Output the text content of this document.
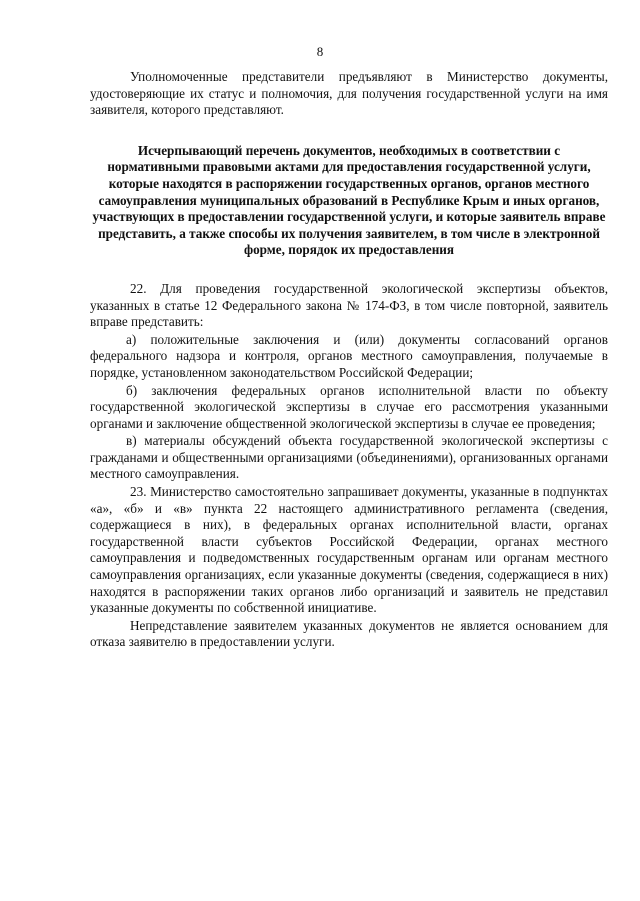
8

Уполномоченные представители предъявляют в Министерство документы, удостоверяющие их статус и полномочия, для получения государственной услуги на имя заявителя, которого представляют.

Исчерпывающий перечень документов, необходимых в соответствии с нормативными правовыми актами для предоставления государственной услуги, которые находятся в распоряжении государственных органов, органов местного самоуправления муниципальных образований в Республике Крым и иных органов, участвующих в предоставлении государственной услуги, и которые заявитель вправе представить, а также способы их получения заявителем, в том числе в электронной форме, порядок их предоставления

22. Для проведения государственной экологической экспертизы объектов, указанных в статье 12 Федерального закона № 174-ФЗ, в том числе повторной, заявитель вправе представить:

а) положительные заключения и (или) документы согласований органов федерального надзора и контроля, органов местного самоуправления, получаемые в порядке, установленном законодательством Российской Федерации;

б) заключения федеральных органов исполнительной власти по объекту государственной экологической экспертизы в случае его рассмотрения указанными органами и заключение общественной экологической экспертизы в случае ее проведения;

в) материалы обсуждений объекта государственной экологической экспертизы с гражданами и общественными организациями (объединениями), организованных органами местного самоуправления.

23. Министерство самостоятельно запрашивает документы, указанные в подпунктах «а», «б» и «в» пункта 22 настоящего административного регламента (сведения, содержащиеся в них), в федеральных органах исполнительной власти, органах государственной власти субъектов Российской Федерации, органах местного самоуправления и подведомственных государственным органам или органам местного самоуправления организациях, если указанные документы (сведения, содержащиеся в них) находятся в распоряжении таких органов либо организаций и заявитель не представил указанные документы по собственной инициативе.

Непредставление заявителем указанных документов не является основанием для отказа заявителю в предоставлении услуги.
